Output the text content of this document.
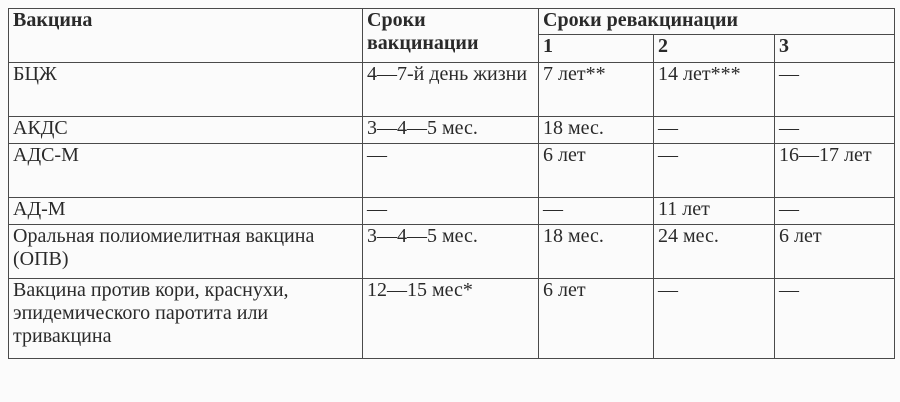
Вакцина	Сроки вакцинации	Сроки ревакцинации		
		1	2	3
БЦЖ	4—7-й день жизни	7 лет**	14 лет***	—
АКДС	3—4—5 мес.	18 мес.	—	—
АДС-М	—	6 лет	—	16—17 лет
АД-М	—	—	11 лет	—
Оральная полиомиелитная вакцина (ОПВ)	3—4—5 мес.	18 мес.	24 мес.	6 лет
Вакцина против кори, краснухи, эпидемического паротита или тривакцина	12—15 мес*	6 лет	—	—
